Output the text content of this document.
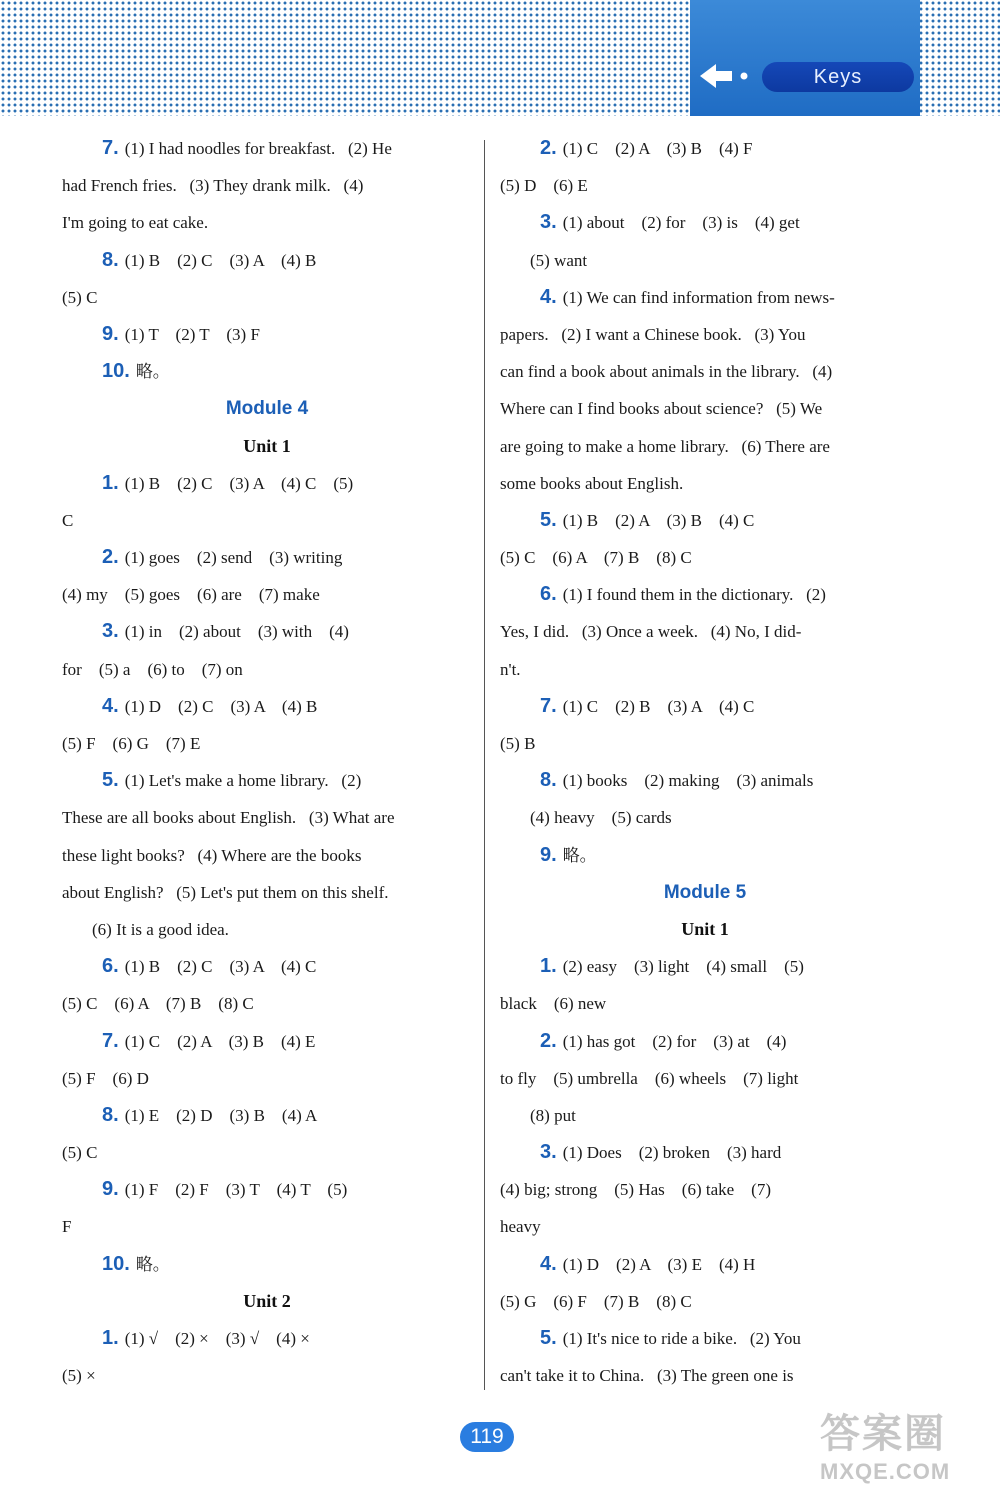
Keys
7. (1) I had noodles for breakfast.   (2) He
had French fries.   (3) They drank milk.   (4)
I'm going to eat cake.
8. (1) B    (2) C    (3) A    (4) B
(5) C
9. (1) T    (2) T    (3) F
10. 略。
Module 4
Unit 1
1. (1) B    (2) C    (3) A    (4) C    (5)
C
2. (1) goes    (2) send    (3) writing
(4) my    (5) goes    (6) are    (7) make
3. (1) in    (2) about    (3) with    (4)
for    (5) a    (6) to    (7) on
4. (1) D    (2) C    (3) A    (4) B
(5) F    (6) G    (7) E
5. (1) Let's make a home library.   (2)
These are all books about English.   (3) What are
these light books?   (4) Where are the books
about English?   (5) Let's put them on this shelf.
(6) It is a good idea.
6. (1) B    (2) C    (3) A    (4) C
(5) C    (6) A    (7) B    (8) C
7. (1) C    (2) A    (3) B    (4) E
(5) F    (6) D
8. (1) E    (2) D    (3) B    (4) A
(5) C
9. (1) F    (2) F    (3) T    (4) T    (5)
F
10. 略。
Unit 2
1. (1) √    (2) ×    (3) √    (4) ×
(5) ×
2. (1) C    (2) A    (3) B    (4) F
(5) D    (6) E
3. (1) about    (2) for    (3) is    (4) get
(5) want
4. (1) We can find information from news-
papers.   (2) I want a Chinese book.   (3) You
can find a book about animals in the library.   (4)
Where can I find books about science?   (5) We
are going to make a home library.   (6) There are
some books about English.
5. (1) B    (2) A    (3) B    (4) C
(5) C    (6) A    (7) B    (8) C
6. (1) I found them in the dictionary.   (2)
Yes, I did.   (3) Once a week.   (4) No, I did-
n't.
7. (1) C    (2) B    (3) A    (4) C
(5) B
8. (1) books    (2) making    (3) animals
(4) heavy    (5) cards
9. 略。
Module 5
Unit 1
1. (2) easy    (3) light    (4) small    (5)
black    (6) new
2. (1) has got    (2) for    (3) at    (4)
to fly    (5) umbrella    (6) wheels    (7) light
(8) put
3. (1) Does    (2) broken    (3) hard
(4) big; strong    (5) Has    (6) take    (7)
heavy
4. (1) D    (2) A    (3) E    (4) H
(5) G    (6) F    (7) B    (8) C
5. (1) It's nice to ride a bike.   (2) You
can't take it to China.   (3) The green one is
119	答案圈
MXQE.COM
